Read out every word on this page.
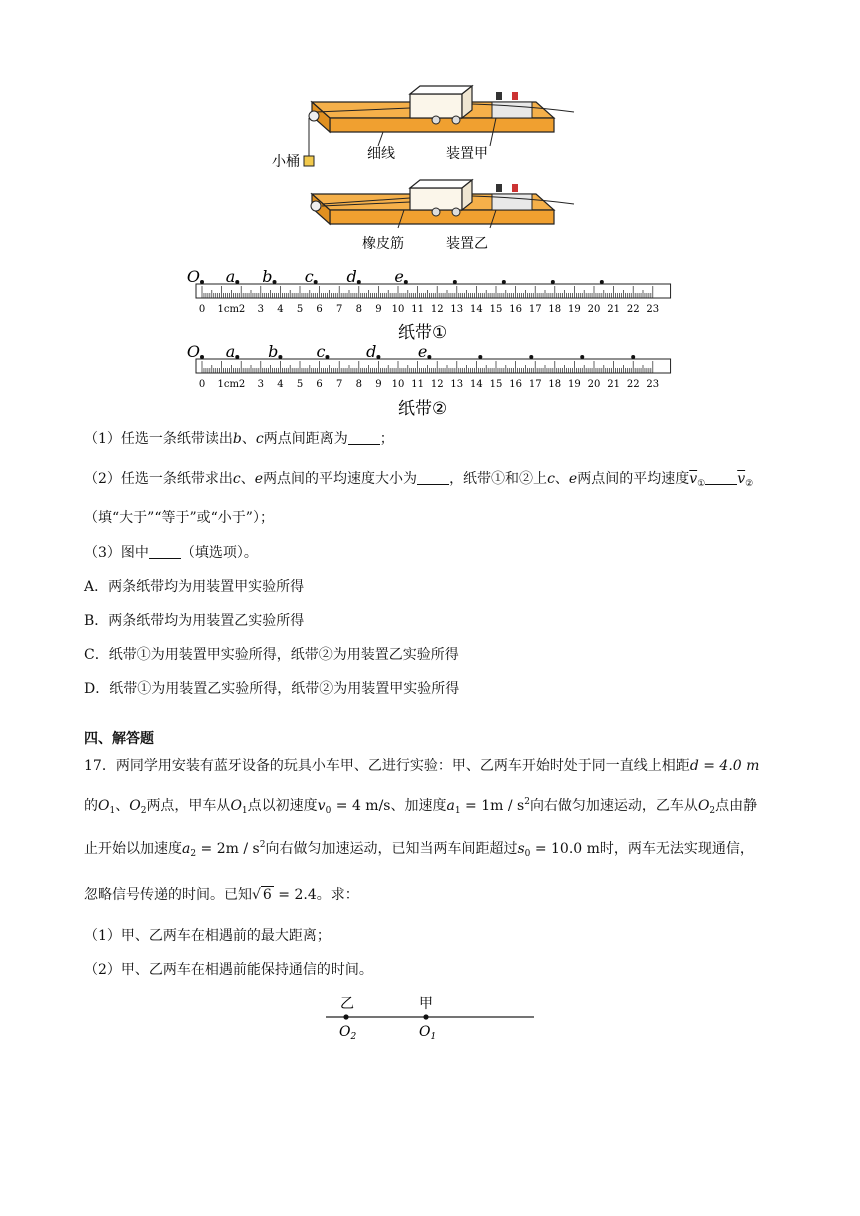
小桶	细线	装置甲
橡皮筋	装置乙
0 1cm2 3 4 5 6 7 8 9 10 11 12 13 14 15 16 17 18 19 20 21 22 23
O a b c d e
0 1cm2 3 4 5 6 7 8 9 10 11 12 13 14 15 16 17 18 19 20 21 22 23
O a b c	d	e
纸带①
纸带②
乙	甲
$O_2$	$O_1$
（1）任选一条纸带读出b、c两点间距离为 ；
（2）任选一条纸带求出c、e两点间的平均速度大小为 ，纸带①和②上c、e两点间的平均速度$\overline{v}_①$ $\overline{v}_②$
（填“大于”“等于”或“小于”）；
（3）图中 （填选项）。
A．两条纸带均为用装置甲实验所得
B．两条纸带均为用装置乙实验所得
C．纸带①为用装置甲实验所得，纸带②为用装置乙实验所得
D．纸带①为用装置乙实验所得，纸带②为用装置甲实验所得
四、解答题
17．两同学用安装有蓝牙设备的玩具小车甲、乙进行实验：甲、乙两车开始时处于同一直线上相距d = 4.0 m
的$O_1$、$O_2$两点，甲车从$O_1$点以初速度$v_0 = 4$ m/s、加速度$a_1 = 1m / s^2$向右做匀加速运动，乙车从$O_2$点由静
止开始以加速度$a_2 = 2m / s^2$向右做匀加速运动，已知当两车间距超过$s_0 = 10.0$ m时，两车无法实现通信，
忽略信号传递的时间。已知√ 6 = 2.4。求：
（1）甲、乙两车在相遇前的最大距离；
（2）甲、乙两车在相遇前能保持通信的时间。
